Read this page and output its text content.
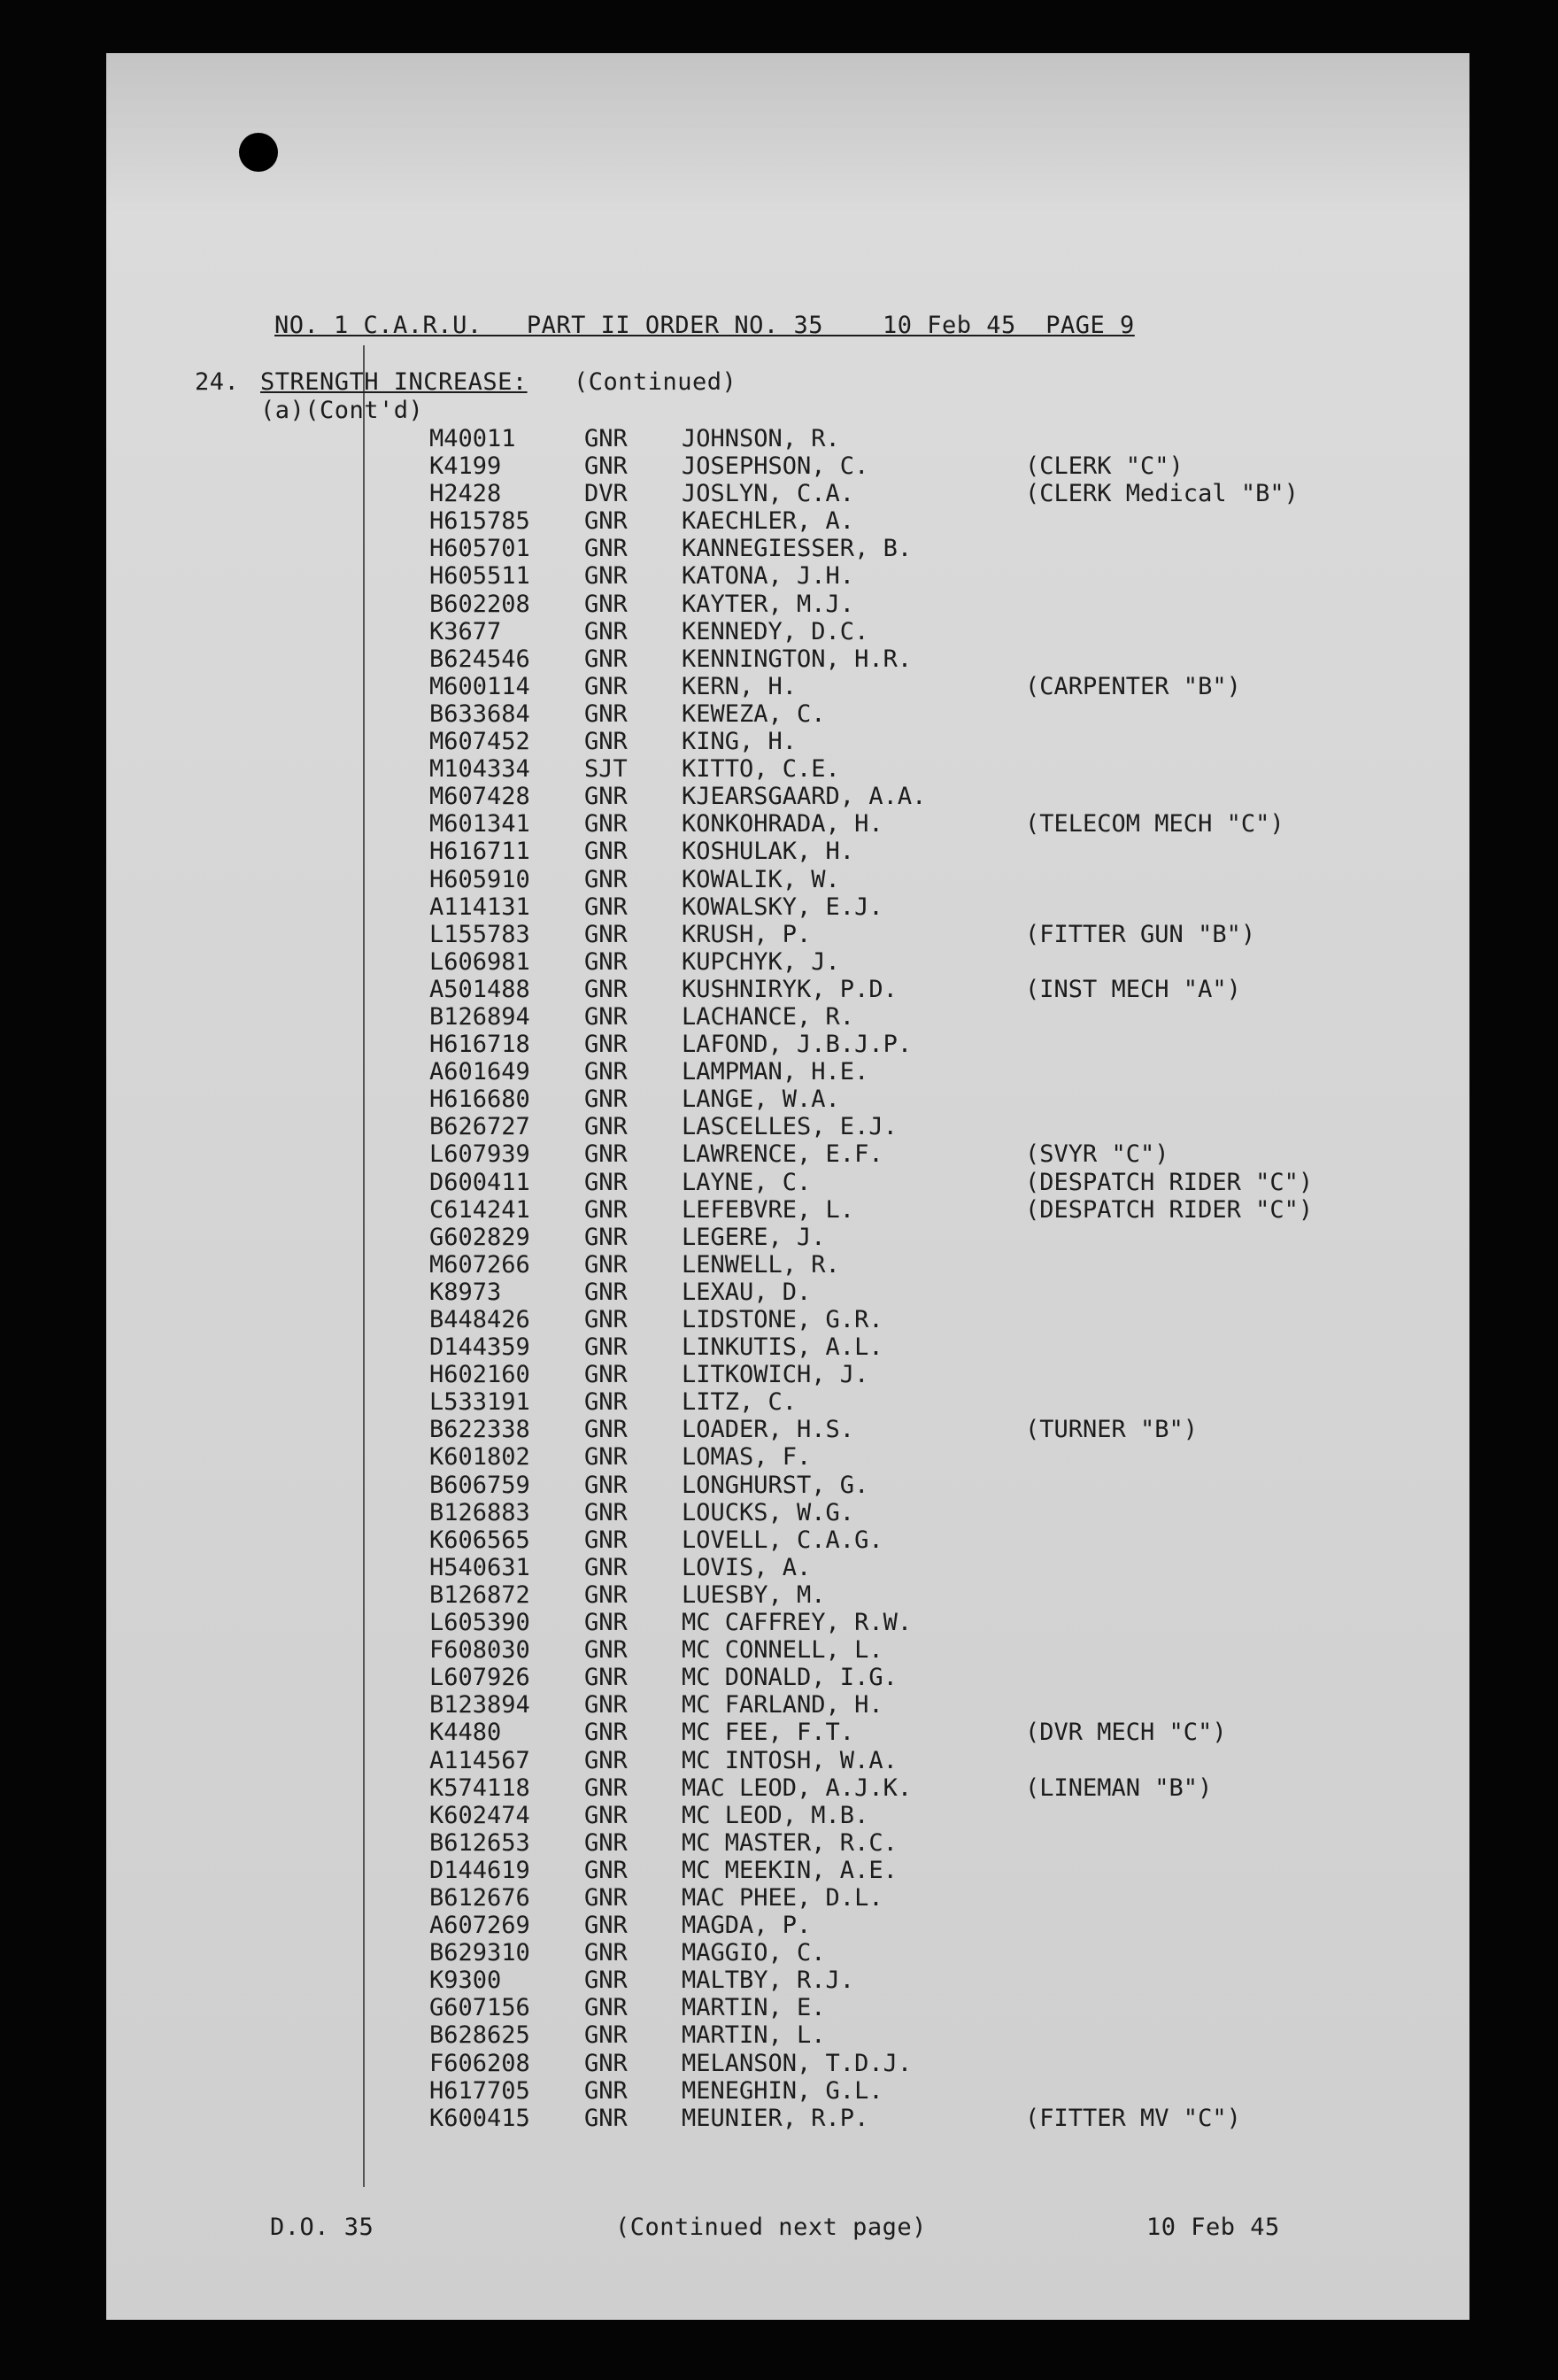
NO. 1 C.A.R.U.   PART II ORDER NO. 35    10 Feb 45  PAGE 9
24. STRENGTH INCREASE: (Continued)
(a)(Cont'd)
M40011	GNR JOHNSON, R.
K4199	GNR JOSEPHSON, C.	(CLERK "C")
H2428	DVR JOSLYN, C.A.	(CLERK Medical "B")
H615785 GNR KAECHLER, A.
H605701 GNR KANNEGIESSER, B.
H605511 GNR KATONA, J.H.
B602208 GNR KAYTER, M.J.
K3677	GNR KENNEDY, D.C.
B624546 GNR KENNINGTON, H.R.
M600114 GNR KERN, H.	(CARPENTER "B")
B633684 GNR KEWEZA, C.
M607452 GNR KING, H.
M104334 SJT KITTO, C.E.
M607428 GNR KJEARSGAARD, A.A.
M601341 GNR KONKOHRADA, H.	(TELECOM MECH "C")
H616711 GNR KOSHULAK, H.
H605910 GNR KOWALIK, W.
A114131 GNR KOWALSKY, E.J.
L155783 GNR KRUSH, P.	(FITTER GUN "B")
L606981 GNR KUPCHYK, J.
A501488 GNR KUSHNIRYK, P.D.	(INST MECH "A")
B126894 GNR LACHANCE, R.
H616718 GNR LAFOND, J.B.J.P.
A601649 GNR LAMPMAN, H.E.
H616680 GNR LANGE, W.A.
B626727 GNR LASCELLES, E.J.
L607939 GNR LAWRENCE, E.F.	(SVYR "C")
D600411 GNR LAYNE, C.	(DESPATCH RIDER "C")
C614241 GNR LEFEBVRE, L.	(DESPATCH RIDER "C")
G602829 GNR LEGERE, J.
M607266 GNR LENWELL, R.
K8973	GNR LEXAU, D.
B448426 GNR LIDSTONE, G.R.
D144359 GNR LINKUTIS, A.L.
H602160 GNR LITKOWICH, J.
L533191 GNR LITZ, C.
B622338 GNR LOADER, H.S.	(TURNER "B")
K601802 GNR LOMAS, F.
B606759 GNR LONGHURST, G.
B126883 GNR LOUCKS, W.G.
K606565 GNR LOVELL, C.A.G.
H540631 GNR LOVIS, A.
B126872 GNR LUESBY, M.
L605390 GNR MC CAFFREY, R.W.
F608030 GNR MC CONNELL, L.
L607926 GNR MC DONALD, I.G.
B123894 GNR MC FARLAND, H.
K4480	GNR MC FEE, F.T.	(DVR MECH "C")
A114567 GNR MC INTOSH, W.A.
K574118 GNR MAC LEOD, A.J.K.	(LINEMAN "B")
K602474 GNR MC LEOD, M.B.
B612653 GNR MC MASTER, R.C.
D144619 GNR MC MEEKIN, A.E.
B612676 GNR MAC PHEE, D.L.
A607269 GNR MAGDA, P.
B629310 GNR MAGGIO, C.
K9300	GNR MALTBY, R.J.
G607156 GNR MARTIN, E.
B628625 GNR MARTIN, L.
F606208 GNR MELANSON, T.D.J.
H617705 GNR MENEGHIN, G.L.
K600415 GNR MEUNIER, R.P.	(FITTER MV "C")
D.O. 35	(Continued next page)	10 Feb 45
